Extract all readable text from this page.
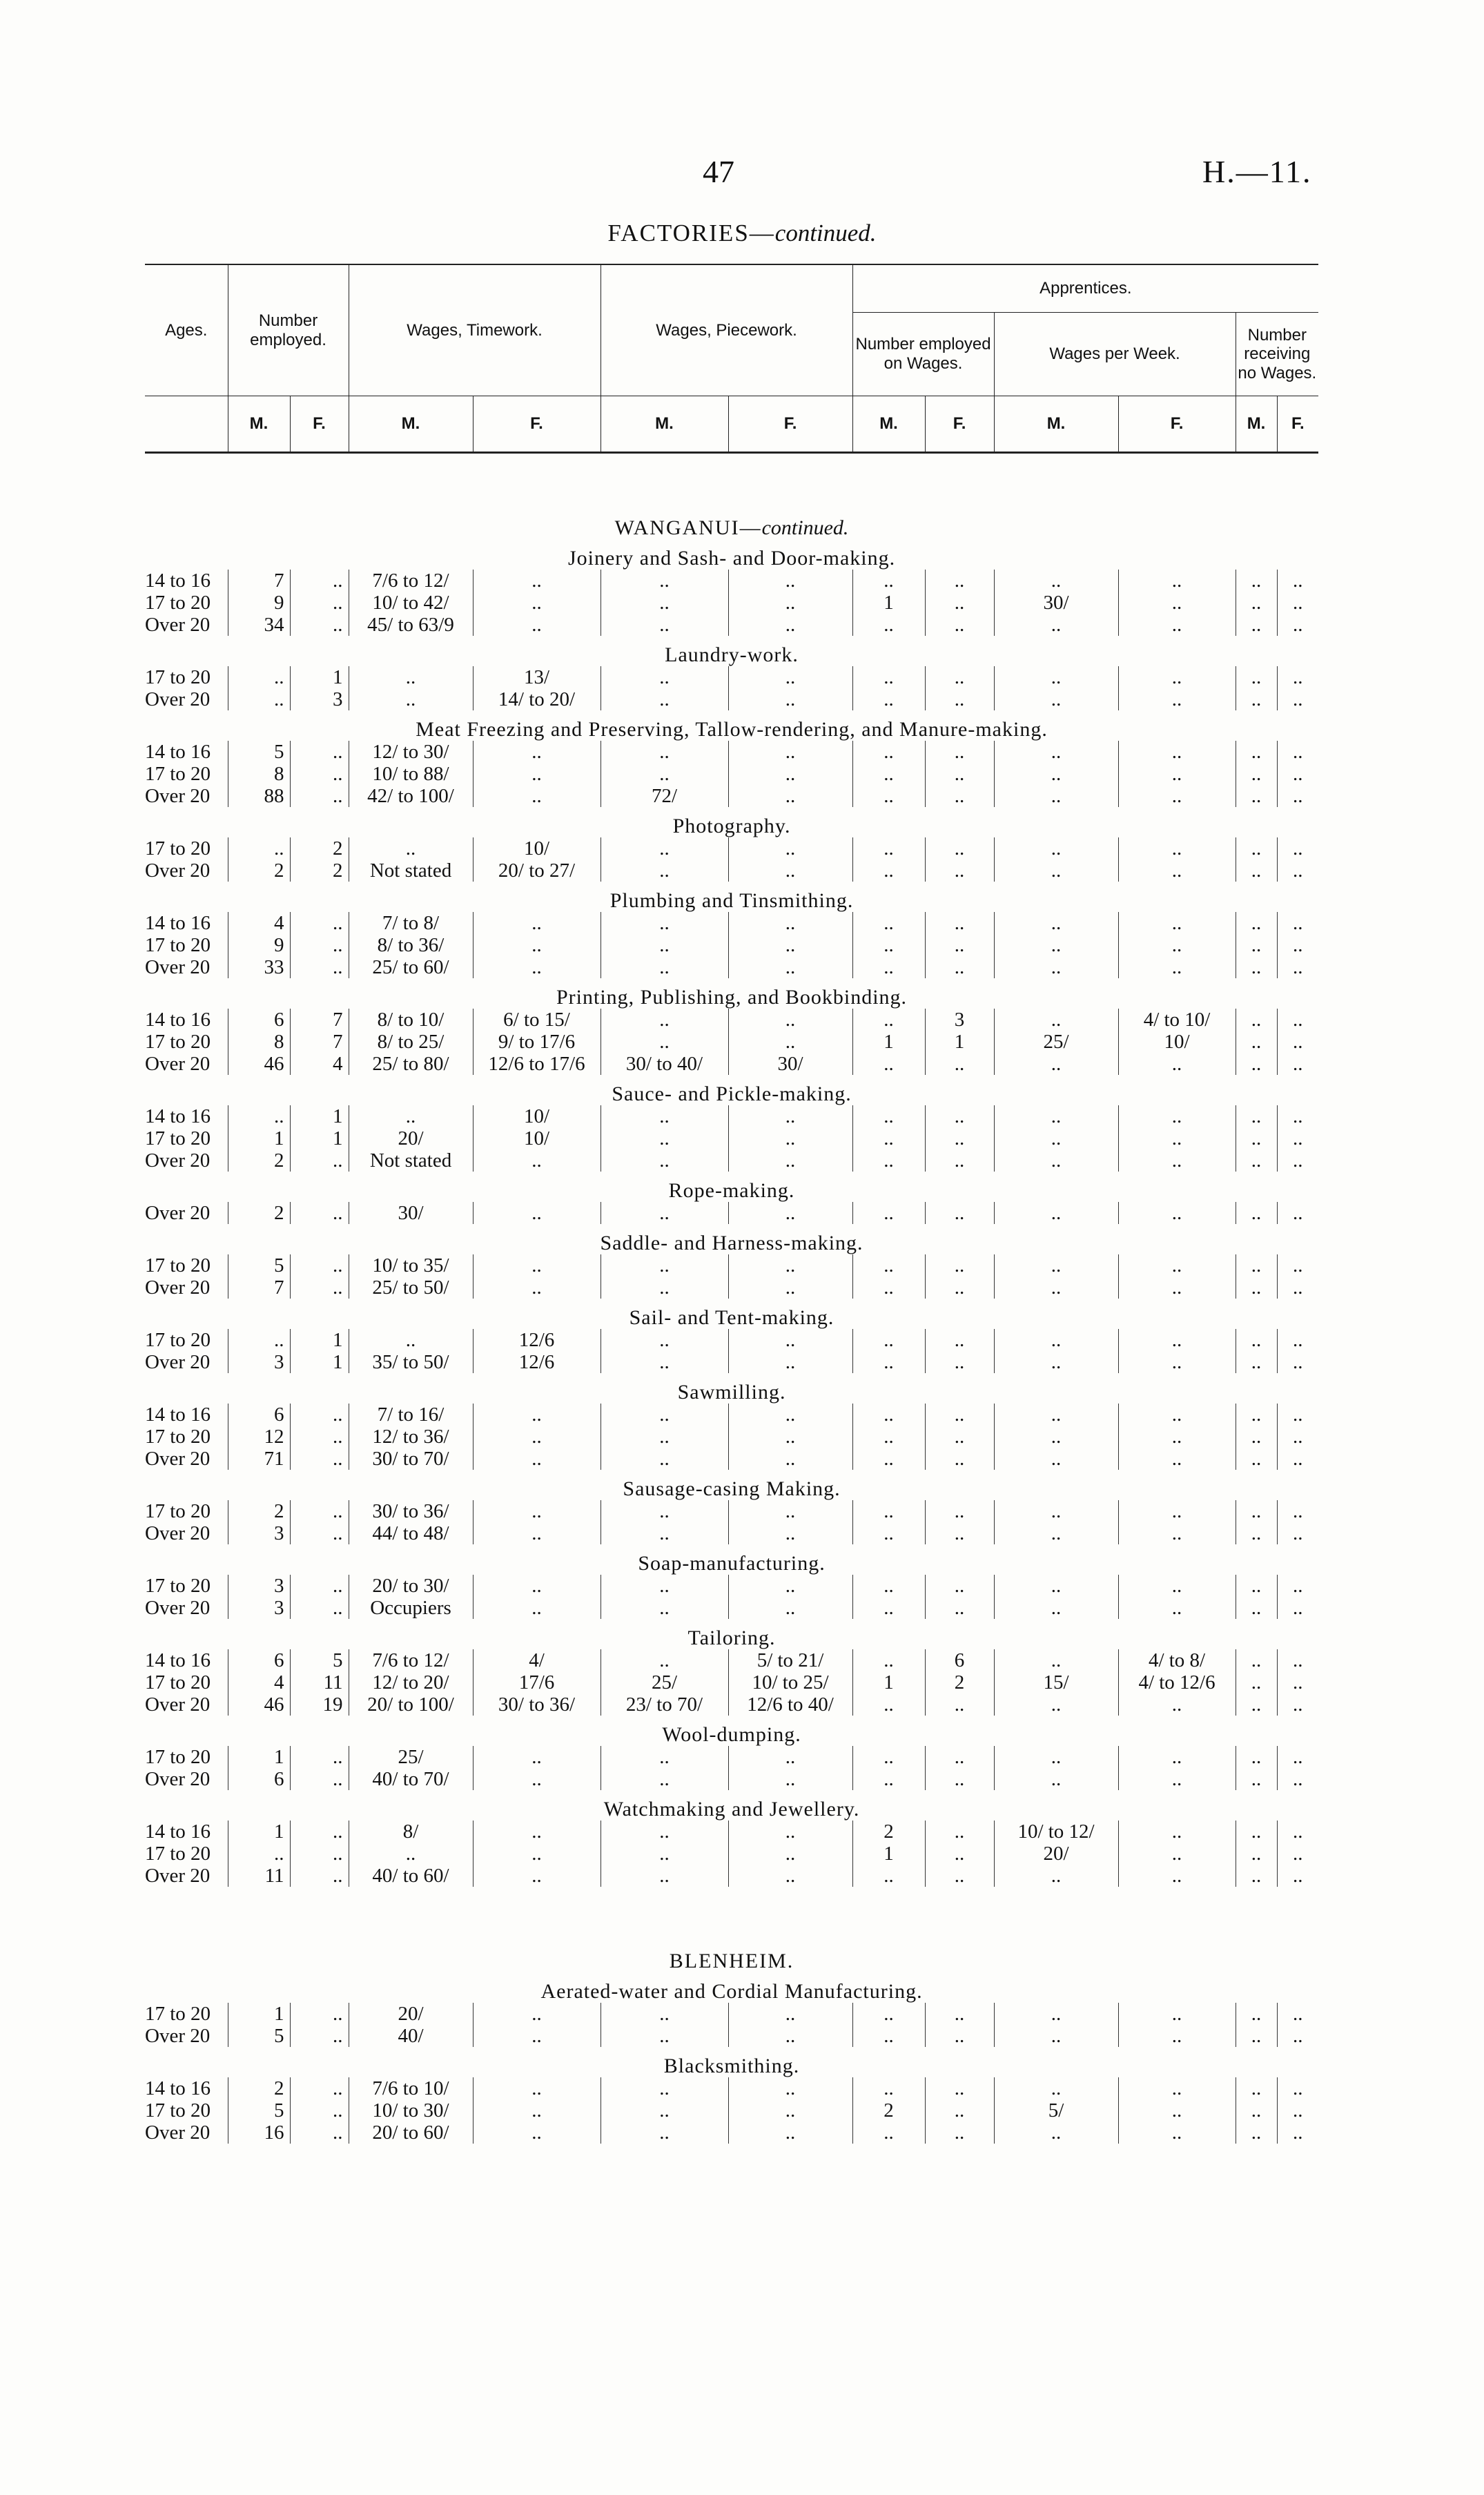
47	H.—11.
FACTORIES—continued.
Ages.	Number employed.		Wages, Timework.		Wages, Piecework.		Apprentices.					
							Number employed on Wages.		Wages per Week.		Number receiving no Wages.	
	M.	F.	M.	F.	M.	F.	M.	F.	M.	F.	M.	F.
WANGANUI—continued.												
Joinery and Sash- and Door-making.												
14 to 16	7	..	7/6 to 12/	..	..	..	..	..	..	..	..	..
17 to 20	9	..	10/ to 42/	..	..	..	1	..	30/	..	..	..
Over 20	34	..	45/ to 63/9	..	..	..	..	..	..	..	..	..
Laundry-work.												
17 to 20	..	1	..	13/	..	..	..	..	..	..	..	..
Over 20	..	3	..	14/ to 20/	..	..	..	..	..	..	..	..
Meat Freezing and Preserving, Tallow-rendering, and Manure-making.												
14 to 16	5	..	12/ to 30/	..	..	..	..	..	..	..	..	..
17 to 20	8	..	10/ to 88/	..	..	..	..	..	..	..	..	..
Over 20	88	..	42/ to 100/	..	72/	..	..	..	..	..	..	..
Photography.												
17 to 20	..	2	..	10/	..	..	..	..	..	..	..	..
Over 20	2	2	Not stated	20/ to 27/	..	..	..	..	..	..	..	..
Plumbing and Tinsmithing.												
14 to 16	4	..	7/ to 8/	..	..	..	..	..	..	..	..	..
17 to 20	9	..	8/ to 36/	..	..	..	..	..	..	..	..	..
Over 20	33	..	25/ to 60/	..	..	..	..	..	..	..	..	..
Printing, Publishing, and Bookbinding.												
14 to 16	6	7	8/ to 10/	6/ to 15/	..	..	..	3	..	4/ to 10/	..	..
17 to 20	8	7	8/ to 25/	9/ to 17/6	..	..	1	1	25/	10/	..	..
Over 20	46	4	25/ to 80/	12/6 to 17/6	30/ to 40/	30/	..	..	..	..	..	..
Sauce- and Pickle-making.												
14 to 16	..	1	..	10/	..	..	..	..	..	..	..	..
17 to 20	1	1	20/	10/	..	..	..	..	..	..	..	..
Over 20	2	..	Not stated	..	..	..	..	..	..	..	..	..
Rope-making.												
Over 20	2	..	30/	..	..	..	..	..	..	..	..	..
Saddle- and Harness-making.												
17 to 20	5	..	10/ to 35/	..	..	..	..	..	..	..	..	..
Over 20	7	..	25/ to 50/	..	..	..	..	..	..	..	..	..
Sail- and Tent-making.												
17 to 20	..	1	..	12/6	..	..	..	..	..	..	..	..
Over 20	3	1	35/ to 50/	12/6	..	..	..	..	..	..	..	..
Sawmilling.												
14 to 16	6	..	7/ to 16/	..	..	..	..	..	..	..	..	..
17 to 20	12	..	12/ to 36/	..	..	..	..	..	..	..	..	..
Over 20	71	..	30/ to 70/	..	..	..	..	..	..	..	..	..
Sausage-casing Making.												
17 to 20	2	..	30/ to 36/	..	..	..	..	..	..	..	..	..
Over 20	3	..	44/ to 48/	..	..	..	..	..	..	..	..	..
Soap-manufacturing.												
17 to 20	3	..	20/ to 30/	..	..	..	..	..	..	..	..	..
Over 20	3	..	Occupiers	..	..	..	..	..	..	..	..	..
Tailoring.												
14 to 16	6	5	7/6 to 12/	4/	..	5/ to 21/	..	6	..	4/ to 8/	..	..
17 to 20	4	11	12/ to 20/	17/6	25/	10/ to 25/	1	2	15/	4/ to 12/6	..	..
Over 20	46	19	20/ to 100/	30/ to 36/	23/ to 70/	12/6 to 40/	..	..	..	..	..	..
Wool-dumping.												
17 to 20	1	..	25/	..	..	..	..	..	..	..	..	..
Over 20	6	..	40/ to 70/	..	..	..	..	..	..	..	..	..
Watchmaking and Jewellery.												
14 to 16	1	..	8/	..	..	..	2	..	10/ to 12/	..	..	..
17 to 20	..	..	..	..	..	..	1	..	20/	..	..	..
Over 20	11	..	40/ to 60/	..	..	..	..	..	..	..	..	..
BLENHEIM.												
Aerated-water and Cordial Manufacturing.												
17 to 20	1	..	20/	..	..	..	..	..	..	..	..	..
Over 20	5	..	40/	..	..	..	..	..	..	..	..	..
Blacksmithing.												
14 to 16	2	..	7/6 to 10/	..	..	..	..	..	..	..	..	..
17 to 20	5	..	10/ to 30/	..	..	..	2	..	5/	..	..	..
Over 20	16	..	20/ to 60/	..	..	..	..	..	..	..	..	..
